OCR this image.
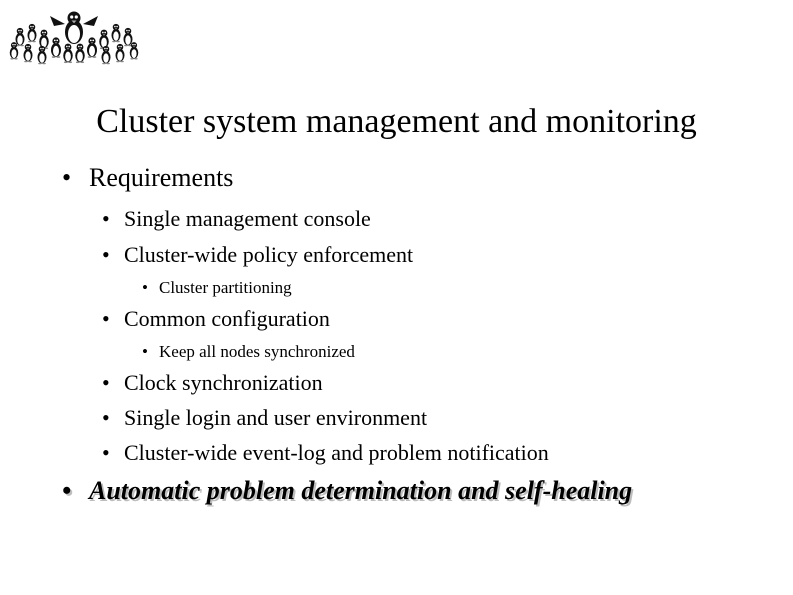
Cluster system management and monitoring
• Requirements
• Single management console
• Cluster-wide policy enforcement
• Cluster partitioning
• Common configuration
• Keep all nodes synchronized
• Clock synchronization
• Single login and user environment
• Cluster-wide event-log and problem notification
• Automatic problem determination and self-healing
